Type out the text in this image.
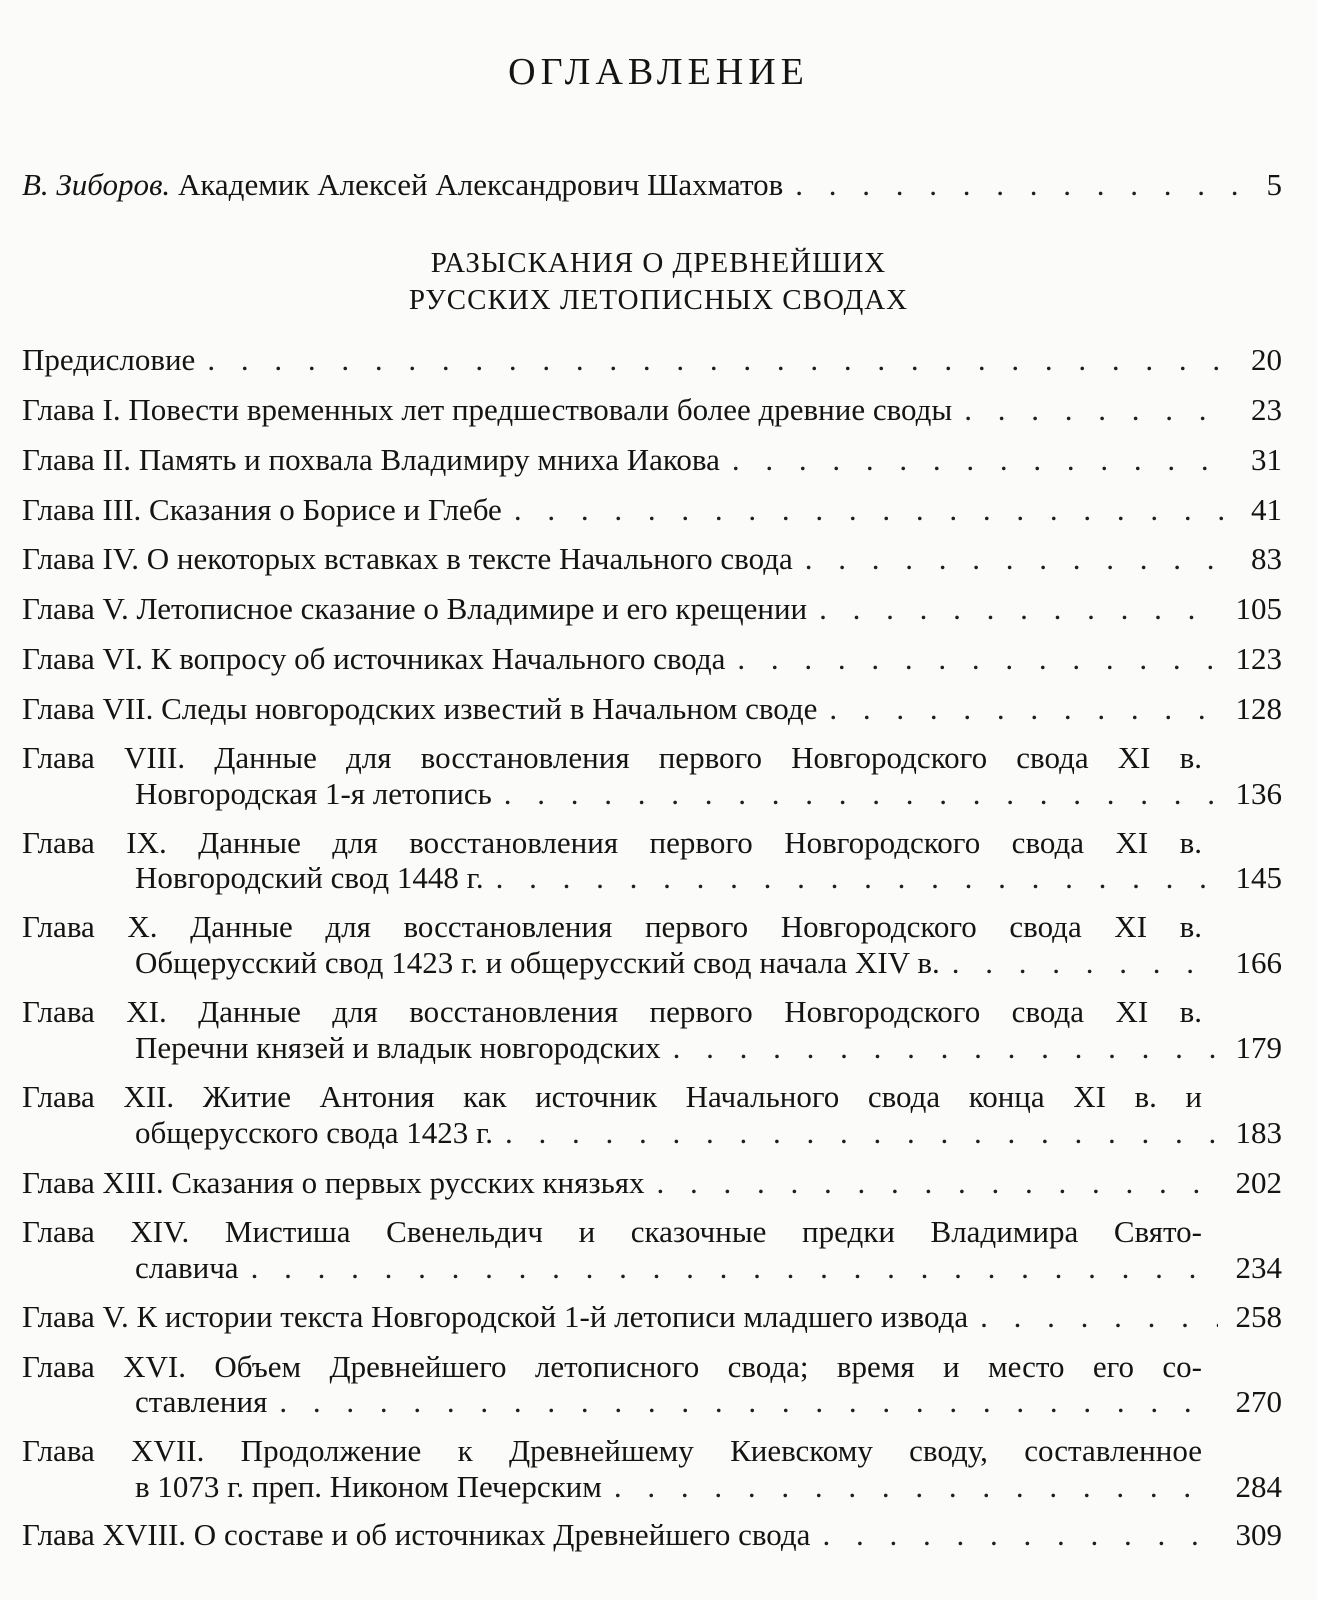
ОГЛАВЛЕНИЕ
В. Зиборов. Академик Алексей Александрович Шахматов . . .	5
РАЗЫСКАНИЯ О ДРЕВНЕЙШИХ
РУССКИХ ЛЕТОПИСНЫХ СВОДАХ
Предисловие . . .	20
Глава I. Повести временных лет предшествовали более древние своды . . .	23
Глава II. Память и похвала Владимиру мниха Иакова . . .	31
Глава III. Сказания о Борисе и Глебе . . .	41
Глава IV. О некоторых вставках в тексте Начального свода . . .	83
Глава V. Летописное сказание о Владимире и его крещении . . .	105
Глава VI. К вопросу об источниках Начального свода . . .	123
Глава VII. Следы новгородских известий в Начальном своде . . .	128
Глава VIII. Данные для восстановления первого Новгородского свода XI в.
Новгородская 1-я летопись . . .	136
Глава IX. Данные для восстановления первого Новгородского свода XI в.
Новгородский свод 1448 г. . . .	145
Глава X. Данные для восстановления первого Новгородского свода XI в.
Общерусский свод 1423 г. и общерусский свод начала XIV в. . . .	166
Глава XI. Данные для восстановления первого Новгородского свода XI в.
Перечни князей и владык новгородских . . .	179
Глава XII. Житие Антония как источник Начального свода конца XI в. и
общерусского свода 1423 г. . . .	183
Глава XIII. Сказания о первых русских князьях . . .	202
Глава XIV. Мистиша Свенельдич и сказочные предки Владимира Свято-
славича . . .	234
Глава V. К истории текста Новгородской 1-й летописи младшего извода . . .	258
Глава XVI. Объем Древнейшего летописного свода; время и место его со-
ставления . . .	270
Глава XVII. Продолжение к Древнейшему Киевскому своду, составленное
в 1073 г. преп. Никоном Печерским . . .	284
Глава XVIII. О составе и об источниках Древнейшего свода . . .	309
